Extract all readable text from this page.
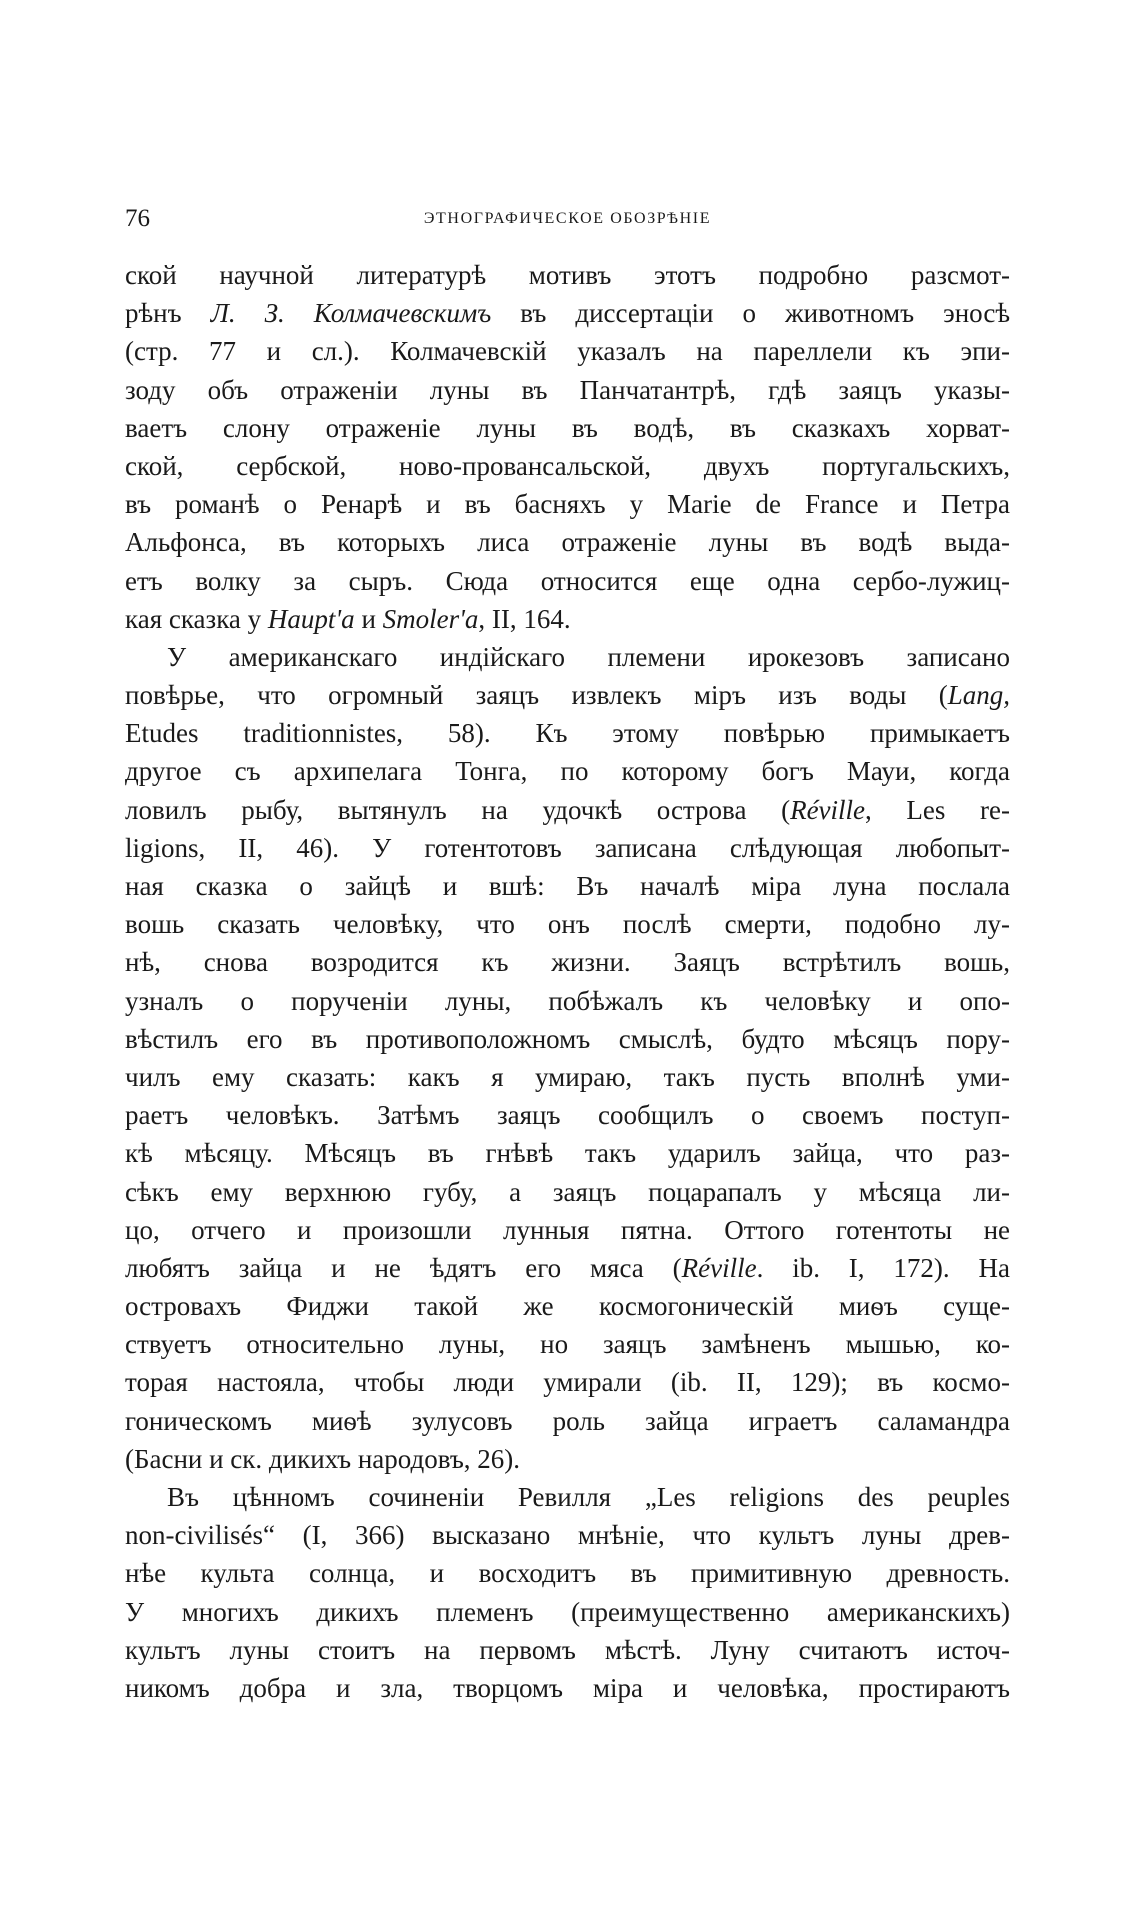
76	ЭТНОГРАФИЧЕСКОЕ ОБОЗРѢНІЕ
ской научной литературѣ мотивъ этотъ подробно разсмот-
рѣнъ Л. З. Колмачевскимъ въ диссертаціи о животномъ эносѣ
(стр. 77 и сл.). Колмачевскій указалъ на пареллели къ эпи-
зоду объ отраженіи луны въ Панчатантрѣ, гдѣ заяцъ указы-
ваетъ слону отраженіе луны въ водѣ, въ сказкахъ хорват-
ской, сербской, ново-провансальской, двухъ португальскихъ,
въ романѣ о Ренарѣ и въ басняхъ у Marie de France и Петра
Альфонса, въ которыхъ лиса отраженіе луны въ водѣ выда-
етъ волку за сыръ. Сюда относится еще одна сербо-лужиц-
кая сказка у Haupt'a и Smoler'a, II, 164.
У американскаго индійскаго племени ирокезовъ записано
повѣрье, что огромный заяцъ извлекъ міръ изъ воды (Lang,
Etudes traditionnistes, 58). Къ этому повѣрью примыкаетъ
другое съ архипелага Тонга, по которому богъ Мауи, когда
ловилъ рыбу, вытянулъ на удочкѣ острова (Réville, Les re-
ligions, II, 46). У готентотовъ записана слѣдующая любопыт-
ная сказка о зайцѣ и вшѣ: Въ началѣ міра луна послала
вошь сказать человѣку, что онъ послѣ смерти, подобно лу-
нѣ, снова возродится къ жизни. Заяцъ встрѣтилъ вошь,
узналъ о порученіи луны, побѣжалъ къ человѣку и опо-
вѣстилъ его въ противоположномъ смыслѣ, будто мѣсяцъ пору-
чилъ ему сказать: какъ я умираю, такъ пусть вполнѣ уми-
раетъ человѣкъ. Затѣмъ заяцъ сообщилъ о своемъ поступ-
кѣ мѣсяцу. Мѣсяцъ въ гнѣвѣ такъ ударилъ зайца, что раз-
сѣкъ ему верхнюю губу, а заяцъ поцарапалъ у мѣсяца ли-
цо, отчего и произошли лунныя пятна. Оттого готентоты не
любятъ зайца и не ѣдятъ его мяса (Réville. ib. I, 172). На
островахъ Фиджи такой же космогоническій миѳъ суще-
ствуетъ относительно луны, но заяцъ замѣненъ мышью, ко-
торая настояла, чтобы люди умирали (ib. II, 129); въ космо-
гоническомъ миѳѣ зулусовъ роль зайца играетъ саламандра
(Басни и ск. дикихъ народовъ, 26).
Въ цѣнномъ сочиненіи Ревилля „Les religions des peuples
non-civilisés“ (I, 366) высказано мнѣніе, что культъ луны древ-
нѣе культа солнца, и восходитъ въ примитивную древность.
У многихъ дикихъ племенъ (преимущественно американскихъ)
культъ луны стоитъ на первомъ мѣстѣ. Луну считаютъ источ-
никомъ добра и зла, творцомъ міра и человѣка, простираютъ
